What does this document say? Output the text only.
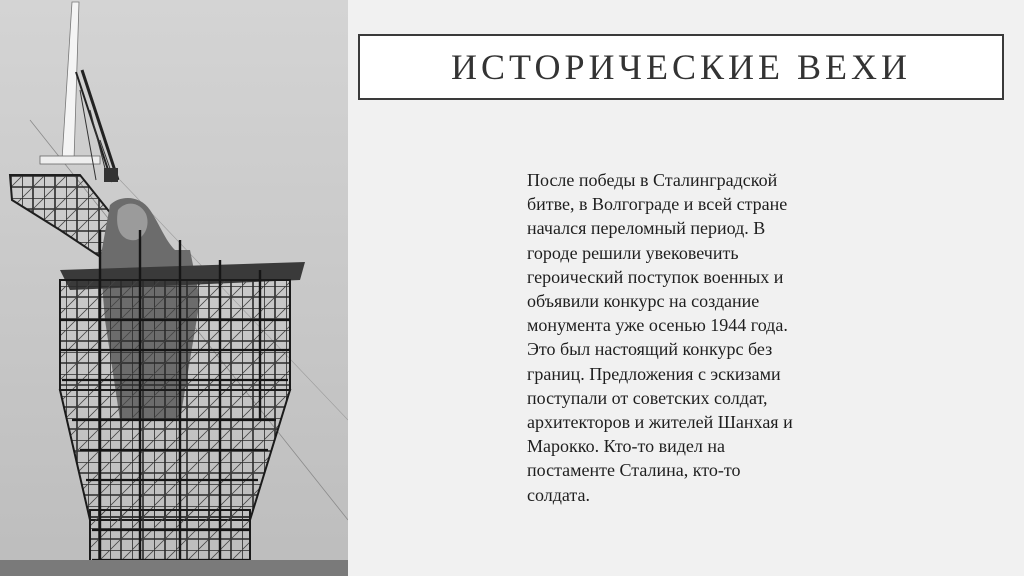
ИСТОРИЧЕСКИЕ ВЕХИ

После победы в Сталинградской
битве, в Волгограде и всей стране
начался переломный период. В
городе решили увековечить
героический поступок военных и
объявили конкурс на создание
монумента уже осенью 1944 года.
Это был настоящий конкурс без
границ. Предложения с эскизами
поступали от советских солдат,
архитекторов и жителей Шанхая и
Марокко. Кто-то видел на
постаменте Сталина, кто-то
солдата.
